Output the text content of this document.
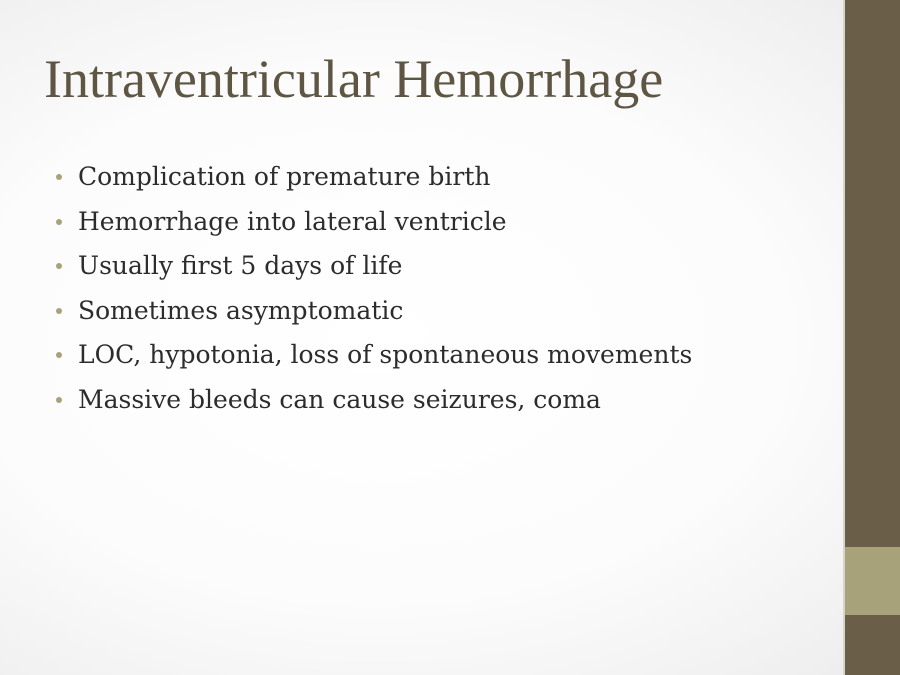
Intraventricular Hemorrhage
Complication of premature birth
Hemorrhage into lateral ventricle
Usually first 5 days of life
Sometimes asymptomatic
LOC, hypotonia, loss of spontaneous movements
Massive bleeds can cause seizures, coma
